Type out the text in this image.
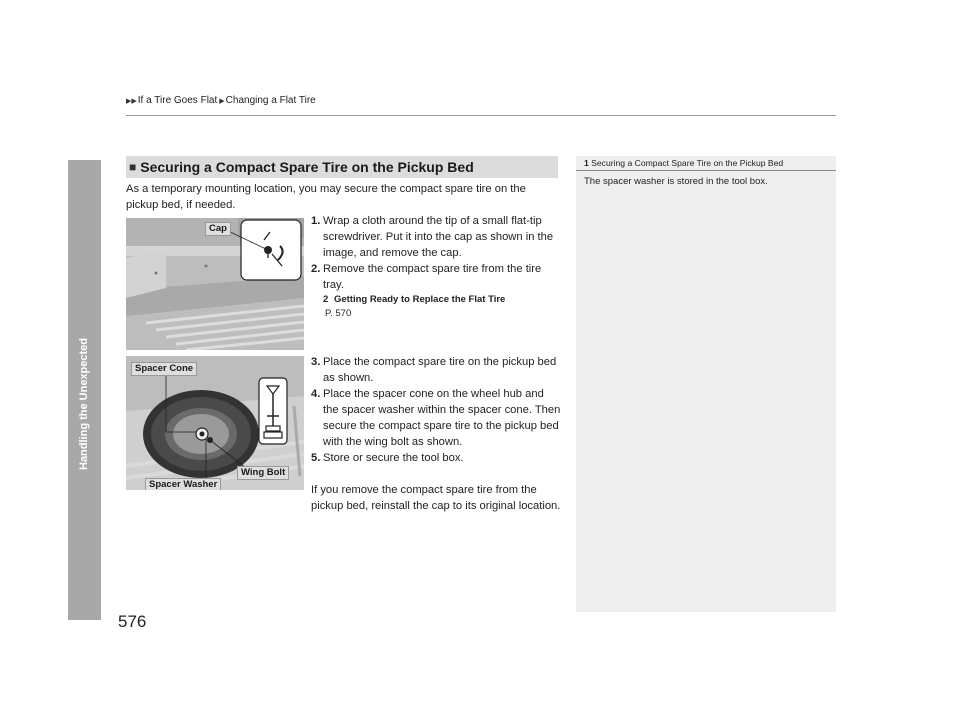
▶▶ If a Tire Goes Flat ▶ Changing a Flat Tire
Handling the Unexpected
■ Securing a Compact Spare Tire on the Pickup Bed
As a temporary mounting location, you may secure the compact spare tire on the pickup bed, if needed.
Cap
1. Wrap a cloth around the tip of a small flat-tip screwdriver. Put it into the cap as shown in the image, and remove the cap.
2. Remove the compact spare tire from the tire tray.
2 Getting Ready to Replace the Flat Tire
P. 570
Spacer Cone
Wing Bolt
Spacer Washer
3. Place the compact spare tire on the pickup bed as shown.
4. Place the spacer cone on the wheel hub and the spacer washer within the spacer cone. Then secure the compact spare tire to the pickup bed with the wing bolt as shown.
5. Store or secure the tool box.
If you remove the compact spare tire from the pickup bed, reinstall the cap to its original location.
1 Securing a Compact Spare Tire on the Pickup Bed
The spacer washer is stored in the tool box.
576
